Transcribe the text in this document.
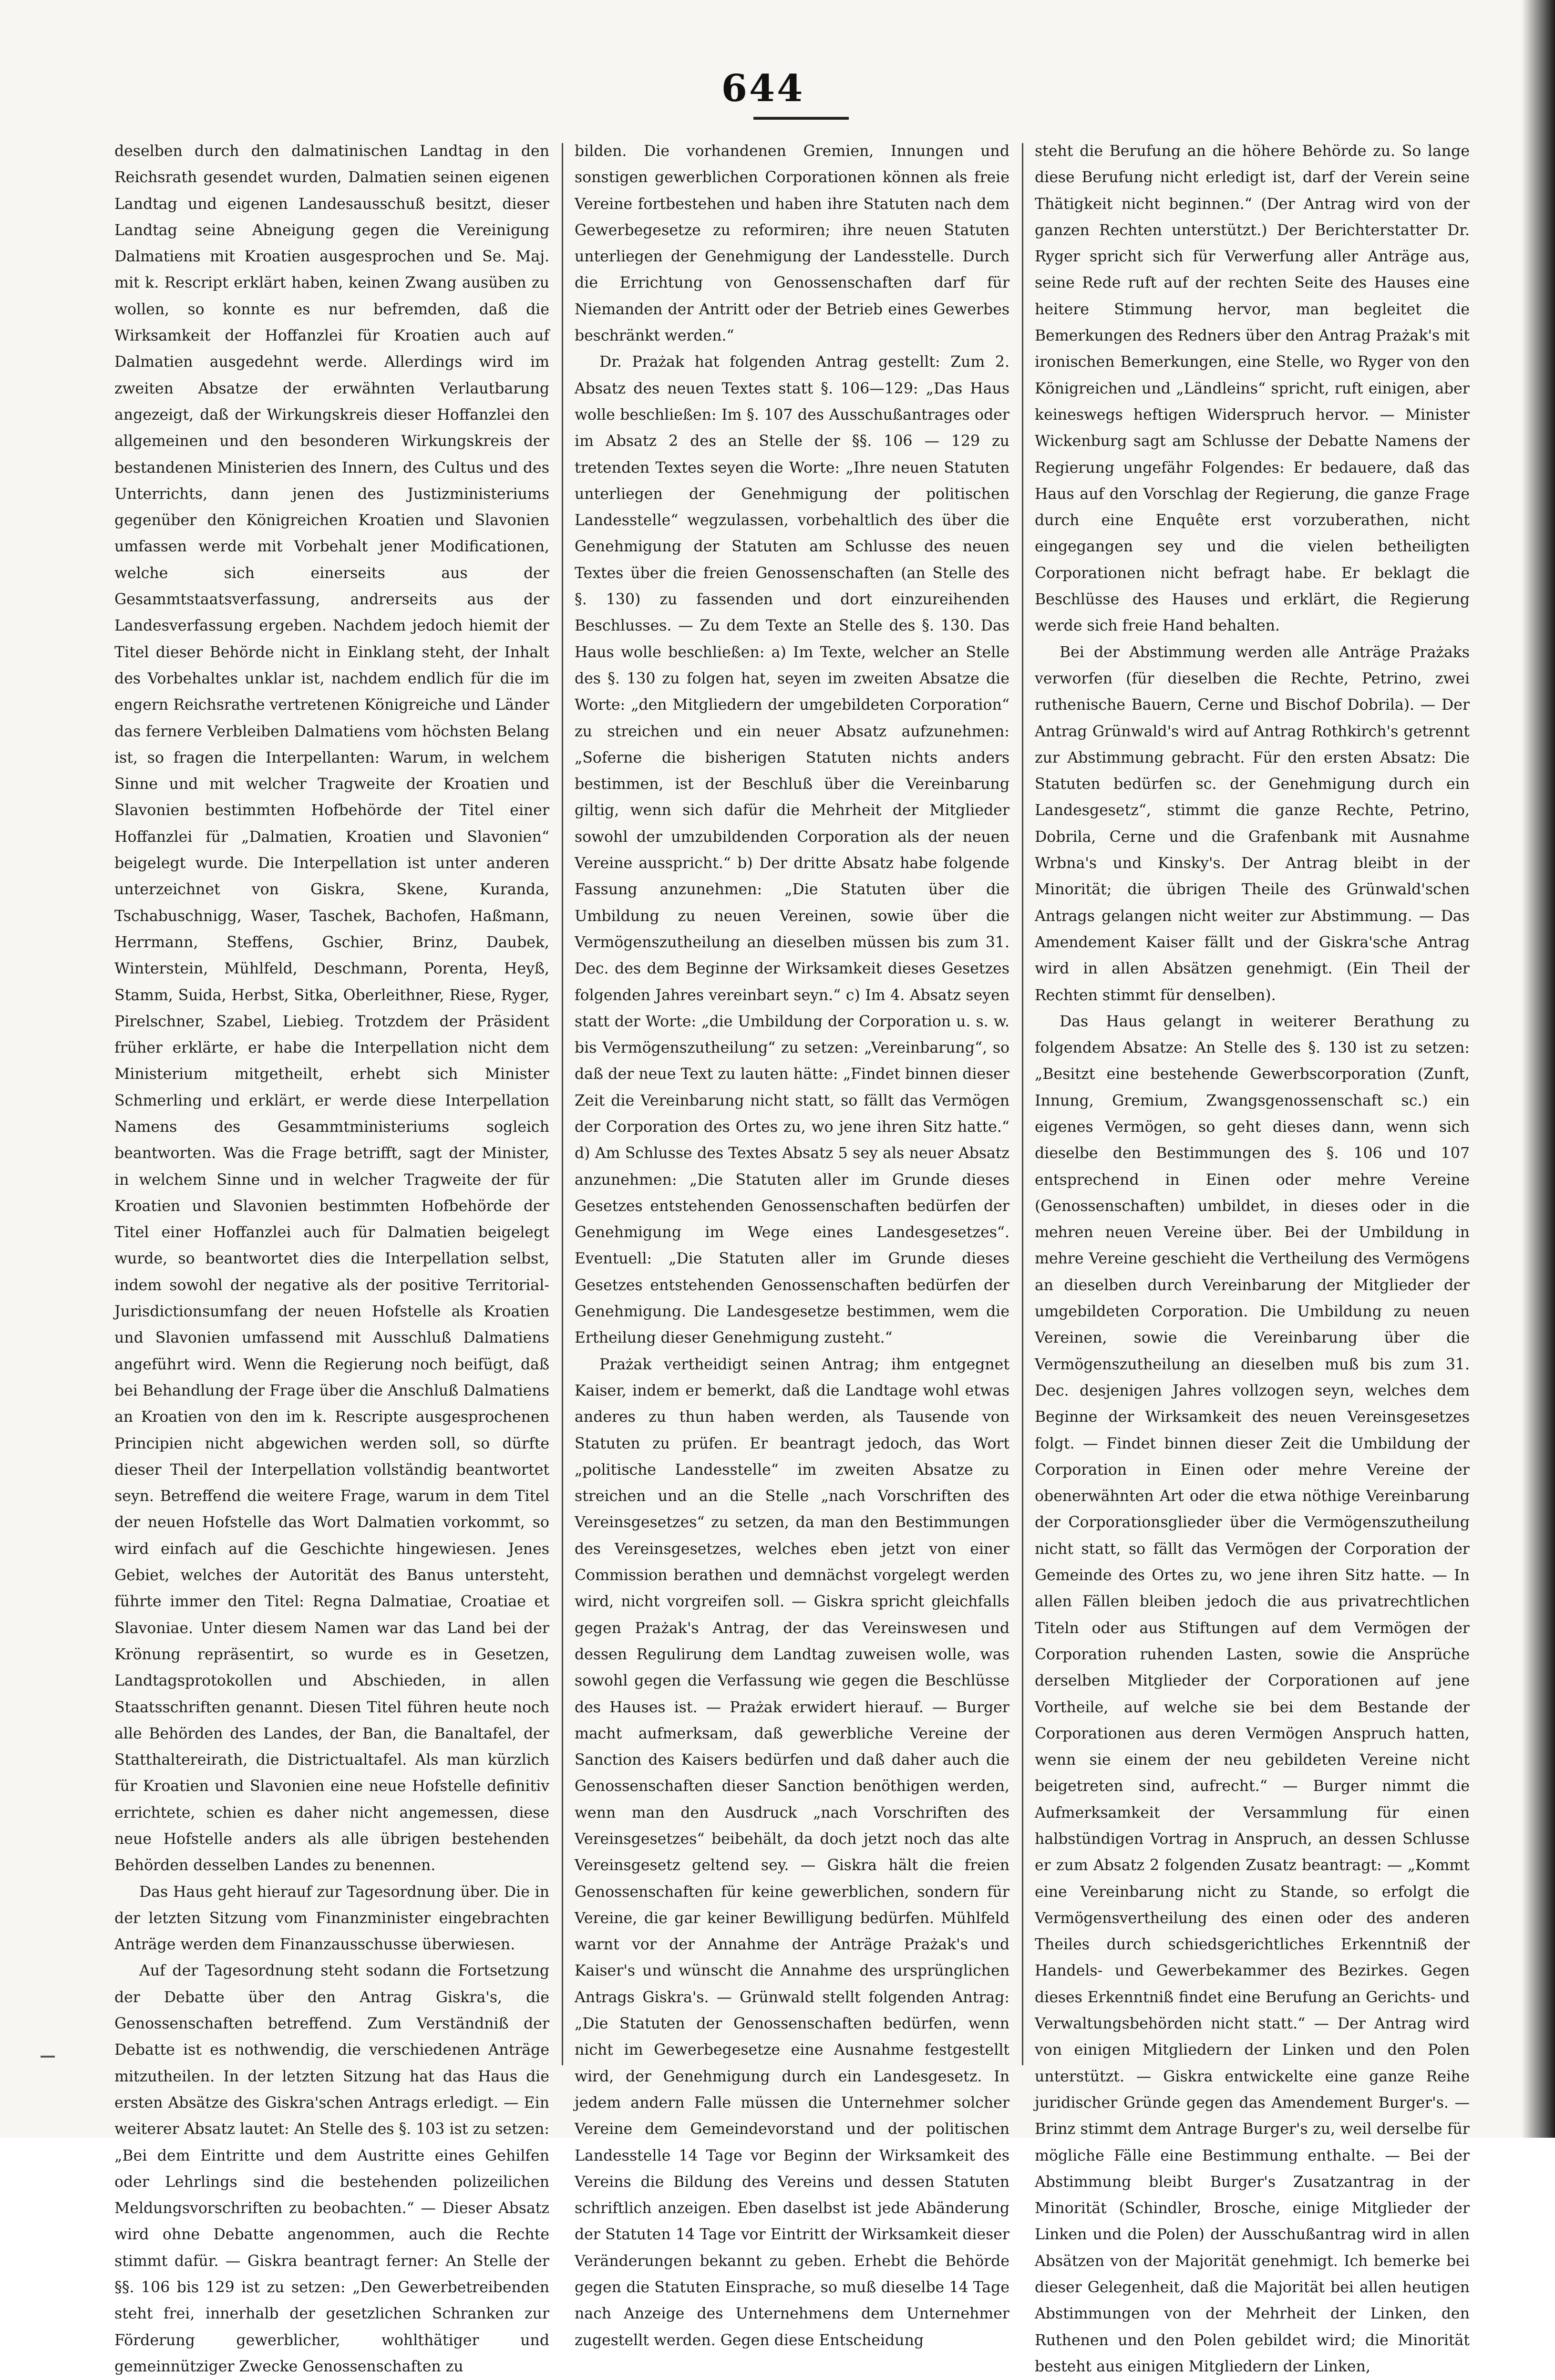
644

deselben durch den dalmatinischen Landtag in den Reichsrath gesendet wurden, Dalmatien seinen eigenen Landtag und eigenen Landesausschuß besitzt, dieser Landtag seine Abneigung gegen die Vereinigung Dalmatiens mit Kroatien ausgesprochen und Se. Maj. mit k. Rescript erklärt haben, keinen Zwang ausüben zu wollen, so konnte es nur befremden, daß die Wirksamkeit der Hoffanzlei für Kroatien auch auf Dalmatien ausgedehnt werde. Allerdings wird im zweiten Absatze der erwähnten Verlautbarung angezeigt, daß der Wirkungskreis dieser Hoffanzlei den allgemeinen und den besonderen Wirkungskreis der bestandenen Ministerien des Innern, des Cultus und des Unterrichts, dann jenen des Justizministeriums gegenüber den Königreichen Kroatien und Slavonien umfassen werde mit Vorbehalt jener Modificationen, welche sich einerseits aus der Gesammtstaatsverfassung, andrerseits aus der Landesverfassung ergeben. Nachdem jedoch hiemit der Titel dieser Behörde nicht in Einklang steht, der Inhalt des Vorbehaltes unklar ist, nachdem endlich für die im engern Reichsrathe vertretenen Königreiche und Länder das fernere Verbleiben Dalmatiens vom höchsten Belang ist, so fragen die Interpellanten: Warum, in welchem Sinne und mit welcher Tragweite der Kroatien und Slavonien bestimmten Hofbehörde der Titel einer Hoffanzlei für „Dalmatien, Kroatien und Slavonien“ beigelegt wurde. Die Interpellation ist unter anderen unterzeichnet von Giskra, Skene, Kuranda, Tschabuschnigg, Waser, Taschek, Bachofen, Haßmann, Herrmann, Steffens, Gschier, Brinz, Daubek, Winterstein, Mühlfeld, Deschmann, Porenta, Heyß, Stamm, Suida, Herbst, Sitka, Oberleithner, Riese, Ryger, Pirelschner, Szabel, Liebieg. Trotzdem der Präsident früher erklärte, er habe die Interpellation nicht dem Ministerium mitgetheilt, erhebt sich Minister Schmerling und erklärt, er werde diese Interpellation Namens des Gesammtministeriums sogleich beantworten. Was die Frage betrifft, sagt der Minister, in welchem Sinne und in welcher Tragweite der für Kroatien und Slavonien bestimmten Hofbehörde der Titel einer Hoffanzlei auch für Dalmatien beigelegt wurde, so beantwortet dies die Interpellation selbst, indem sowohl der negative als der positive Territorial-Jurisdictionsumfang der neuen Hofstelle als Kroatien und Slavonien umfassend mit Ausschluß Dalmatiens angeführt wird. Wenn die Regierung noch beifügt, daß bei Behandlung der Frage über die Anschluß Dalmatiens an Kroatien von den im k. Rescripte ausgesprochenen Principien nicht abgewichen werden soll, so dürfte dieser Theil der Interpellation vollständig beantwortet seyn. Betreffend die weitere Frage, warum in dem Titel der neuen Hofstelle das Wort Dalmatien vorkommt, so wird einfach auf die Geschichte hingewiesen. Jenes Gebiet, welches der Autorität des Banus untersteht, führte immer den Titel: Regna Dalmatiae, Croatiae et Slavoniae. Unter diesem Namen war das Land bei der Krönung repräsentirt, so wurde es in Gesetzen, Landtagsprotokollen und Abschieden, in allen Staatsschriften genannt. Diesen Titel führen heute noch alle Behörden des Landes, der Ban, die Banaltafel, der Statthaltereirath, die Districtualtafel. Als man kürzlich für Kroatien und Slavonien eine neue Hofstelle definitiv errichtete, schien es daher nicht angemessen, diese neue Hofstelle anders als alle übrigen bestehenden Behörden desselben Landes zu benennen.

Das Haus geht hierauf zur Tagesordnung über. Die in der letzten Sitzung vom Finanzminister eingebrachten Anträge werden dem Finanzausschusse überwiesen.

Auf der Tagesordnung steht sodann die Fortsetzung der Debatte über den Antrag Giskra's, die Genossenschaften betreffend. Zum Verständniß der Debatte ist es nothwendig, die verschiedenen Anträge mitzutheilen. In der letzten Sitzung hat das Haus die ersten Absätze des Giskra'schen Antrags erledigt. — Ein weiterer Absatz lautet: An Stelle des §. 103 ist zu setzen: „Bei dem Eintritte und dem Austritte eines Gehilfen oder Lehrlings sind die bestehenden polizeilichen Meldungsvorschriften zu beobachten.“ — Dieser Absatz wird ohne Debatte angenommen, auch die Rechte stimmt dafür. — Giskra beantragt ferner: An Stelle der §§. 106 bis 129 ist zu setzen: „Den Gewerbetreibenden steht frei, innerhalb der gesetzlichen Schranken zur Förderung gewerblicher, wohlthätiger und gemeinnütziger Zwecke Genossenschaften zu

bilden. Die vorhandenen Gremien, Innungen und sonstigen gewerblichen Corporationen können als freie Vereine fortbestehen und haben ihre Statuten nach dem Gewerbegesetze zu reformiren; ihre neuen Statuten unterliegen der Genehmigung der Landesstelle. Durch die Errichtung von Genossenschaften darf für Niemanden der Antritt oder der Betrieb eines Gewerbes beschränkt werden.“

Dr. Prażak hat folgenden Antrag gestellt: Zum 2. Absatz des neuen Textes statt §. 106—129: „Das Haus wolle beschließen: Im §. 107 des Ausschußantrages oder im Absatz 2 des an Stelle der §§. 106 — 129 zu tretenden Textes seyen die Worte: „Ihre neuen Statuten unterliegen der Genehmigung der politischen Landesstelle“ wegzulassen, vorbehaltlich des über die Genehmigung der Statuten am Schlusse des neuen Textes über die freien Genossenschaften (an Stelle des §. 130) zu fassenden und dort einzureihenden Beschlusses. — Zu dem Texte an Stelle des §. 130. Das Haus wolle beschließen: a) Im Texte, welcher an Stelle des §. 130 zu folgen hat, seyen im zweiten Absatze die Worte: „den Mitgliedern der umgebildeten Corporation“ zu streichen und ein neuer Absatz aufzunehmen: „Soferne die bisherigen Statuten nichts anders bestimmen, ist der Beschluß über die Vereinbarung giltig, wenn sich dafür die Mehrheit der Mitglieder sowohl der umzubildenden Corporation als der neuen Vereine ausspricht.“ b) Der dritte Absatz habe folgende Fassung anzunehmen: „Die Statuten über die Umbildung zu neuen Vereinen, sowie über die Vermögenszutheilung an dieselben müssen bis zum 31. Dec. des dem Beginne der Wirksamkeit dieses Gesetzes folgenden Jahres vereinbart seyn.“ c) Im 4. Absatz seyen statt der Worte: „die Umbildung der Corporation u. s. w. bis Vermögenszutheilung“ zu setzen: „Vereinbarung“, so daß der neue Text zu lauten hätte: „Findet binnen dieser Zeit die Vereinbarung nicht statt, so fällt das Vermögen der Corporation des Ortes zu, wo jene ihren Sitz hatte.“ d) Am Schlusse des Textes Absatz 5 sey als neuer Absatz anzunehmen: „Die Statuten aller im Grunde dieses Gesetzes entstehenden Genossenschaften bedürfen der Genehmigung im Wege eines Landesgesetzes“. Eventuell: „Die Statuten aller im Grunde dieses Gesetzes entstehenden Genossenschaften bedürfen der Genehmigung. Die Landesgesetze bestimmen, wem die Ertheilung dieser Genehmigung zusteht.“

Prażak vertheidigt seinen Antrag; ihm entgegnet Kaiser, indem er bemerkt, daß die Landtage wohl etwas anderes zu thun haben werden, als Tausende von Statuten zu prüfen. Er beantragt jedoch, das Wort „politische Landesstelle“ im zweiten Absatze zu streichen und an die Stelle „nach Vorschriften des Vereinsgesetzes“ zu setzen, da man den Bestimmungen des Vereinsgesetzes, welches eben jetzt von einer Commission berathen und demnächst vorgelegt werden wird, nicht vorgreifen soll. — Giskra spricht gleichfalls gegen Prażak's Antrag, der das Vereinswesen und dessen Regulirung dem Landtag zuweisen wolle, was sowohl gegen die Verfassung wie gegen die Beschlüsse des Hauses ist. — Prażak erwidert hierauf. — Burger macht aufmerksam, daß gewerbliche Vereine der Sanction des Kaisers bedürfen und daß daher auch die Genossenschaften dieser Sanction benöthigen werden, wenn man den Ausdruck „nach Vorschriften des Vereinsgesetzes“ beibehält, da doch jetzt noch das alte Vereinsgesetz geltend sey. — Giskra hält die freien Genossenschaften für keine gewerblichen, sondern für Vereine, die gar keiner Bewilligung bedürfen. Mühlfeld warnt vor der Annahme der Anträge Prażak's und Kaiser's und wünscht die Annahme des ursprünglichen Antrags Giskra's. — Grünwald stellt folgenden Antrag: „Die Statuten der Genossenschaften bedürfen, wenn nicht im Gewerbegesetze eine Ausnahme festgestellt wird, der Genehmigung durch ein Landesgesetz. In jedem andern Falle müssen die Unternehmer solcher Vereine dem Gemeindevorstand und der politischen Landesstelle 14 Tage vor Beginn der Wirksamkeit des Vereins die Bildung des Vereins und dessen Statuten schriftlich anzeigen. Eben daselbst ist jede Abänderung der Statuten 14 Tage vor Eintritt der Wirksamkeit dieser Veränderungen bekannt zu geben. Erhebt die Behörde gegen die Statuten Einsprache, so muß dieselbe 14 Tage nach Anzeige des Unternehmens dem Unternehmer zugestellt werden. Gegen diese Entscheidung

steht die Berufung an die höhere Behörde zu. So lange diese Berufung nicht erledigt ist, darf der Verein seine Thätigkeit nicht beginnen.“ (Der Antrag wird von der ganzen Rechten unterstützt.) Der Berichterstatter Dr. Ryger spricht sich für Verwerfung aller Anträge aus, seine Rede ruft auf der rechten Seite des Hauses eine heitere Stimmung hervor, man begleitet die Bemerkungen des Redners über den Antrag Prażak's mit ironischen Bemerkungen, eine Stelle, wo Ryger von den Königreichen und „Ländleins“ spricht, ruft einigen, aber keineswegs heftigen Widerspruch hervor. — Minister Wickenburg sagt am Schlusse der Debatte Namens der Regierung ungefähr Folgendes: Er bedauere, daß das Haus auf den Vorschlag der Regierung, die ganze Frage durch eine Enquête erst vorzuberathen, nicht eingegangen sey und die vielen betheiligten Corporationen nicht befragt habe. Er beklagt die Beschlüsse des Hauses und erklärt, die Regierung werde sich freie Hand behalten.

Bei der Abstimmung werden alle Anträge Prażaks verworfen (für dieselben die Rechte, Petrino, zwei ruthenische Bauern, Cerne und Bischof Dobrila). — Der Antrag Grünwald's wird auf Antrag Rothkirch's getrennt zur Abstimmung gebracht. Für den ersten Absatz: Die Statuten bedürfen sc. der Genehmigung durch ein Landesgesetz“, stimmt die ganze Rechte, Petrino, Dobrila, Cerne und die Grafenbank mit Ausnahme Wrbna's und Kinsky's. Der Antrag bleibt in der Minorität; die übrigen Theile des Grünwald'schen Antrags gelangen nicht weiter zur Abstimmung. — Das Amendement Kaiser fällt und der Giskra'sche Antrag wird in allen Absätzen genehmigt. (Ein Theil der Rechten stimmt für denselben).

Das Haus gelangt in weiterer Berathung zu folgendem Absatze: An Stelle des §. 130 ist zu setzen: „Besitzt eine bestehende Gewerbscorporation (Zunft, Innung, Gremium, Zwangsgenossenschaft sc.) ein eigenes Vermögen, so geht dieses dann, wenn sich dieselbe den Bestimmungen des §. 106 und 107 entsprechend in Einen oder mehre Vereine (Genossenschaften) umbildet, in dieses oder in die mehren neuen Vereine über. Bei der Umbildung in mehre Vereine geschieht die Vertheilung des Vermögens an dieselben durch Vereinbarung der Mitglieder der umgebildeten Corporation. Die Umbildung zu neuen Vereinen, sowie die Vereinbarung über die Vermögenszutheilung an dieselben muß bis zum 31. Dec. desjenigen Jahres vollzogen seyn, welches dem Beginne der Wirksamkeit des neuen Vereinsgesetzes folgt. — Findet binnen dieser Zeit die Umbildung der Corporation in Einen oder mehre Vereine der obenerwähnten Art oder die etwa nöthige Vereinbarung der Corporationsglieder über die Vermögenszutheilung nicht statt, so fällt das Vermögen der Corporation der Gemeinde des Ortes zu, wo jene ihren Sitz hatte. — In allen Fällen bleiben jedoch die aus privatrechtlichen Titeln oder aus Stiftungen auf dem Vermögen der Corporation ruhenden Lasten, sowie die Ansprüche derselben Mitglieder der Corporationen auf jene Vortheile, auf welche sie bei dem Bestande der Corporationen aus deren Vermögen Anspruch hatten, wenn sie einem der neu gebildeten Vereine nicht beigetreten sind, aufrecht.“ — Burger nimmt die Aufmerksamkeit der Versammlung für einen halbstündigen Vortrag in Anspruch, an dessen Schlusse er zum Absatz 2 folgenden Zusatz beantragt: — „Kommt eine Vereinbarung nicht zu Stande, so erfolgt die Vermögensvertheilung des einen oder des anderen Theiles durch schiedsgerichtliches Erkenntniß der Handels- und Gewerbekammer des Bezirkes. Gegen dieses Erkenntniß findet eine Berufung an Gerichts- und Verwaltungsbehörden nicht statt.“ — Der Antrag wird von einigen Mitgliedern der Linken und den Polen unterstützt. — Giskra entwickelte eine ganze Reihe juridischer Gründe gegen das Amendement Burger's. — Brinz stimmt dem Antrage Burger's zu, weil derselbe für mögliche Fälle eine Bestimmung enthalte. — Bei der Abstimmung bleibt Burger's Zusatzantrag in der Minorität (Schindler, Brosche, einige Mitglieder der Linken und die Polen) der Ausschußantrag wird in allen Absätzen von der Majorität genehmigt. Ich bemerke bei dieser Gelegenheit, daß die Majorität bei allen heutigen Abstimmungen von der Mehrheit der Linken, den Ruthenen und den Polen gebildet wird; die Minorität besteht aus einigen Mitgliedern der Linken,
